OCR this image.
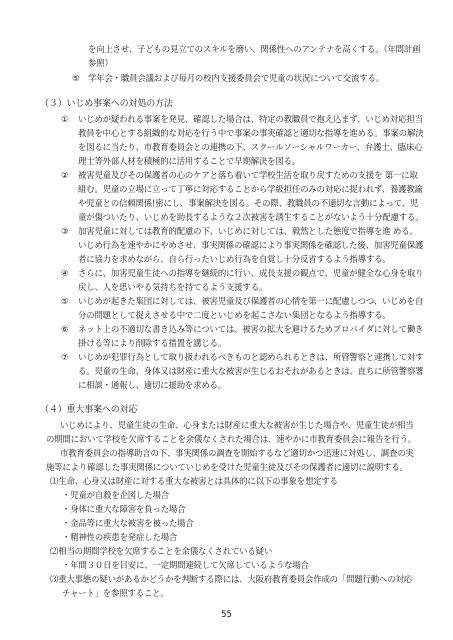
を向上させ、子どもの見立てのスキルを磨い、関係性へのアンテナを高くする。（年間計画
参照）
⑤ 学年会・職員会議および毎月の校内支援委員会で児童の状況について交流する。
（３）いじめ事案への対処の方法
① いじめが疑われる事案を発見、確認した場合は、特定の教職員で抱え込まず、いじめ対応担当
教員を中心とする組織的な対応を行う中で事案の事実確認と適切な指導を進める。事案の解決
を図るに当たり、市教育委員会との連携の下、スクールソーシャルワーカー、弁護士、臨床心
理士等外部人材を積極的に活用することで早期解決を図る。
② 被害児童及びその保護者の心のケアと落ち着いて学校生活を取り戻すための支援を 第一に取
組む。児童の立場に立って丁寧に対応することから学級担任のみの対応に捉われず、養護教諭
や児童との信頼関係!密にし、事案解決を図る。その際、教職員の不適切な言動によって、児
童が傷ついたり、いじめを助長するような２次被害を誘生することがないよう十分配慮する。
③ 加害児童に対しては教育的配慮の下、いじめに対しては、毅然とした態度で指導を進 める。
いじめ行為を速やかにやめさせ、事実関係の確認により事実関係を確認した後、加害児童保護
者に協力を求めながら、自ら行ったいじめ行為を自覚し十分反省するよう指導する。
④ さらに、加害児童生徒への指導を継続的に行い、成長支援の観点で、児童が健全な心身を取り
戻し、人を思いやる気持ちを持てるよう支援する。
⑤ いじめが起きた集団に対しては、被害児童及び保護者の心情を第一に配慮しつつ、いじめを自
分の問題として捉えさせる中で二度といじめを起こさない集団となるよう指導する。
⑥ ネット上の不適切な書き込み等については、被害の拡大を避けるためプロバイダに対して働き
掛ける等により削除する措置を講じる。
⑦ いじめが犯罪行為として取り扱われるべきものと認められるときは、所管警察と連携して対す
る。児童の生命、身体又は財産に重大な被害が生じるおそれがあるときは、直ちに所管警察署
に相談・通報し、適切に援助を求める。
（４）重大事案への対応
いじめにより、児童生徒の生命、心身または財産に重大な被害が生じた場合や、児童生徒が相当
の期間において学校を欠席することを余儀なくされた場合は、速やかに市教育委員会に報告を行う。
市教育委員会の指導助言の下、事実関係の調査を開始するなど適切かつ迅速に対処し、調査の実
施等により確認した事実関係についていじめを受けた児童生徒及びその保護者に適切に説明する。
⑴生命、心身又は財産に対する重大な被害とは具体的に以下の事象を想定する
・児童が自殺を企図した場合
・身体に重大な障害を負った場合
・金品等に重大な被害を被った場合
・精神性の疾患を発症した場合
⑵相当の期間学校を欠席することを余儀なくされている疑い
・年間３０日を目安に、一定期間連続して欠席しているような場合
⑶重大事態の疑いがあるかどうかを判断する際には、大阪府教育委員会作成の「問題行動への対応
チャート」を参照すること。
55
